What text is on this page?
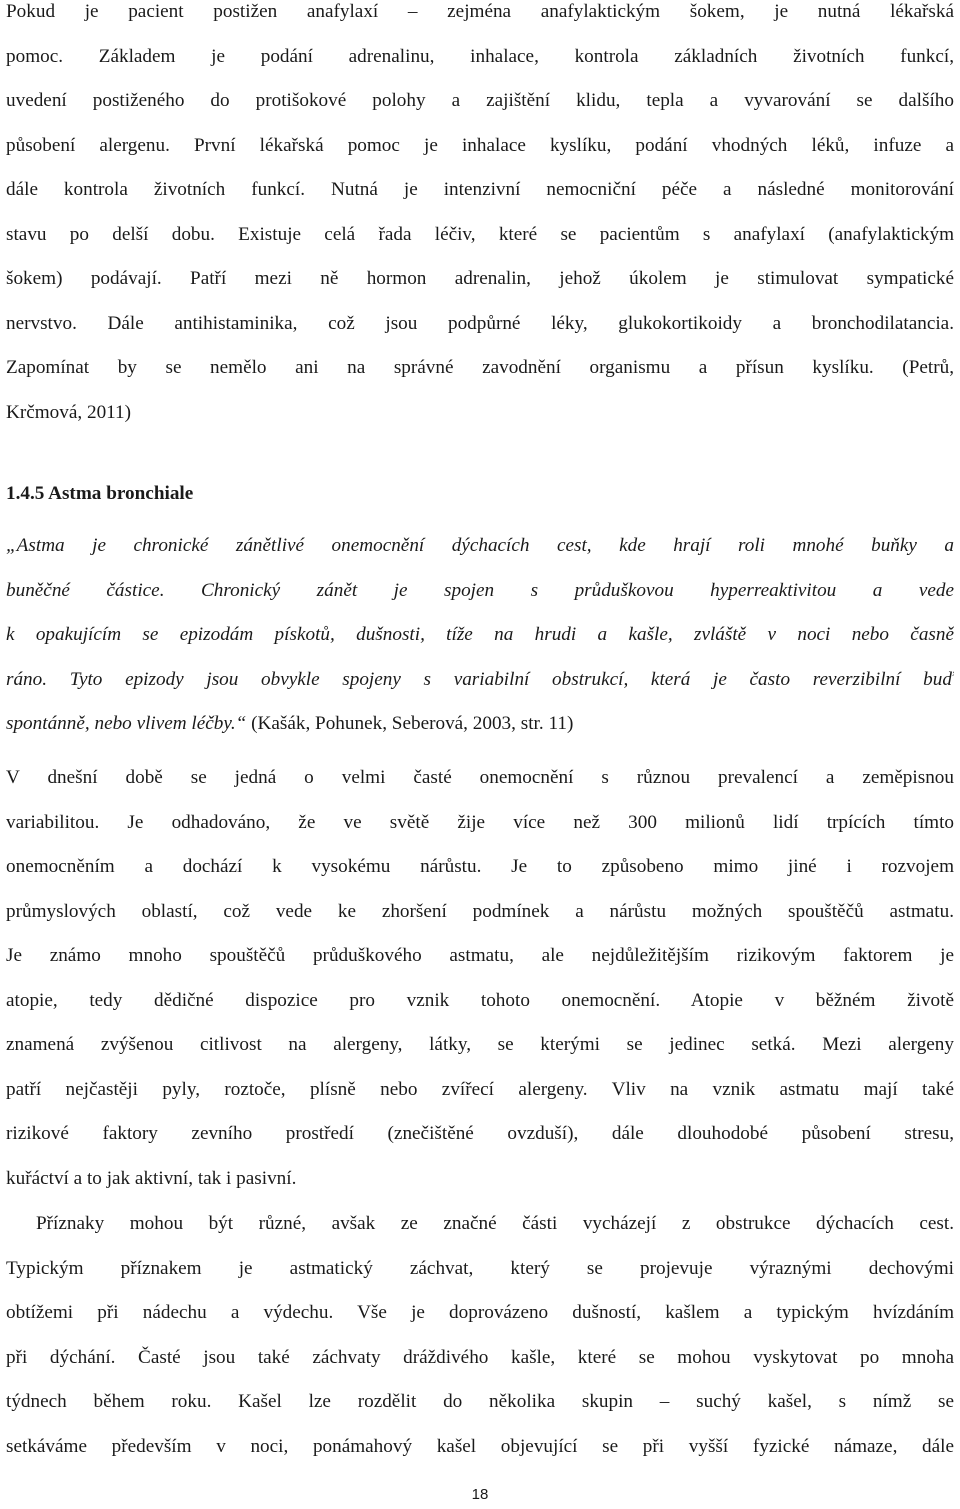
Pokud je pacient postižen anafylaxí – zejména anafylaktickým šokem, je nutná lékařská
pomoc. Základem je podání adrenalinu, inhalace, kontrola základních životních funkcí,
uvedení postiženého do protišokové polohy a zajištění klidu, tepla a vyvarování se dalšího
působení alergenu. První lékařská pomoc je inhalace kyslíku, podání vhodných léků, infuze a
dále kontrola životních funkcí. Nutná je intenzivní nemocniční péče a následné monitorování
stavu po delší dobu. Existuje celá řada léčiv, které se pacientům s anafylaxí (anafylaktickým
šokem) podávají. Patří mezi ně hormon adrenalin, jehož úkolem je stimulovat sympatické
nervstvo. Dále antihistaminika, což jsou podpůrné léky, glukokortikoidy a bronchodilatancia.
Zapomínat by se nemělo ani na správné zavodnění organismu a přísun kyslíku. (Petrů,
Krčmová, 2011)
1.4.5 Astma bronchiale
„Astma je chronické zánětlivé onemocnění dýchacích cest, kde hrají roli mnohé buňky a
buněčné částice. Chronický zánět je spojen s průduškovou hyperreaktivitou a vede
k opakujícím se epizodám pískotů, dušnosti, tíže na hrudi a kašle, zvláště v noci nebo časně
ráno. Tyto epizody jsou obvykle spojeny s variabilní obstrukcí, která je často reverzibilní buď
spontánně, nebo vlivem léčby.“ (Kašák, Pohunek, Seberová, 2003, str. 11)
V dnešní době se jedná o velmi časté onemocnění s různou prevalencí a zeměpisnou
variabilitou. Je odhadováno, že ve světě žije více než 300 milionů lidí trpících tímto
onemocněním a dochází k vysokému nárůstu. Je to způsobeno mimo jiné i rozvojem
průmyslových oblastí, což vede ke zhoršení podmínek a nárůstu možných spouštěčů astmatu.
Je známo mnoho spouštěčů průduškového astmatu, ale nejdůležitějším rizikovým faktorem je
atopie, tedy dědičné dispozice pro vznik tohoto onemocnění. Atopie v běžném životě
znamená zvýšenou citlivost na alergeny, látky, se kterými se jedinec setká. Mezi alergeny
patří nejčastěji pyly, roztoče, plísně nebo zvířecí alergeny. Vliv na vznik astmatu mají také
rizikové faktory zevního prostředí (znečištěné ovzduší), dále dlouhodobé působení stresu,
kuřáctví a to jak aktivní, tak i pasivní.
Příznaky mohou být různé, avšak ze značné části vycházejí z obstrukce dýchacích cest.
Typickým příznakem je astmatický záchvat, který se projevuje výraznými dechovými
obtížemi při nádechu a výdechu. Vše je doprovázeno dušností, kašlem a typickým hvízdáním
při dýchání. Časté jsou také záchvaty dráždivého kašle, které se mohou vyskytovat po mnoha
týdnech během roku. Kašel lze rozdělit do několika skupin – suchý kašel, s nímž se
setkáváme především v noci, ponámahový kašel objevující se při vyšší fyzické námaze, dále
18
